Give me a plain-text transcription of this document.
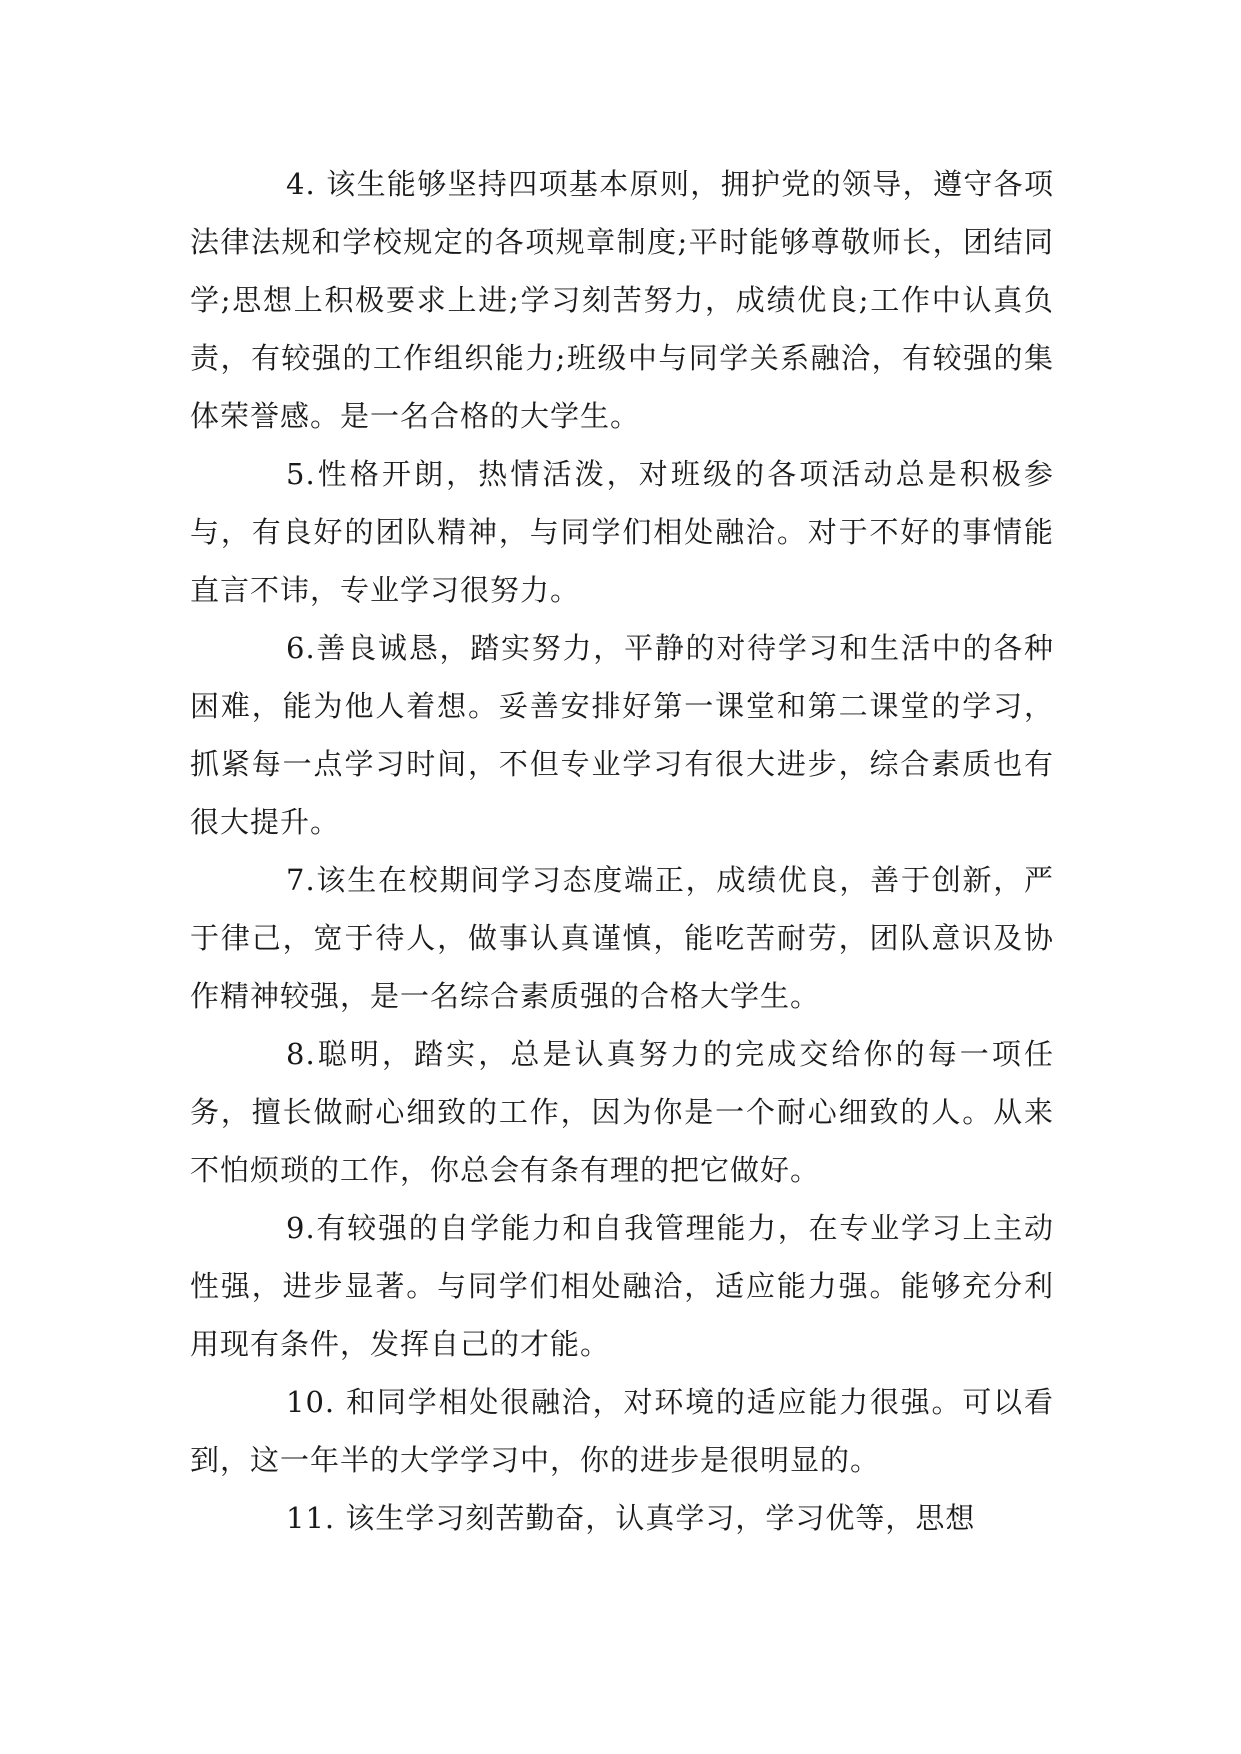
4. 该生能够坚持四项基本原则，拥护党的领导，遵守各项法律法规和学校规定的各项规章制度;平时能够尊敬师长，团结同学;思想上积极要求上进;学习刻苦努力，成绩优良;工作中认真负责，有较强的工作组织能力;班级中与同学关系融洽，有较强的集体荣誉感。是一名合格的大学生。

5.性格开朗，热情活泼，对班级的各项活动总是积极参与，有良好的团队精神，与同学们相处融洽。对于不好的事情能直言不讳，专业学习很努力。

6.善良诚恳，踏实努力，平静的对待学习和生活中的各种困难，能为他人着想。妥善安排好第一课堂和第二课堂的学习，抓紧每一点学习时间，不但专业学习有很大进步，综合素质也有很大提升。

7.该生在校期间学习态度端正，成绩优良，善于创新，严于律己，宽于待人，做事认真谨慎，能吃苦耐劳，团队意识及协作精神较强，是一名综合素质强的合格大学生。

8.聪明，踏实，总是认真努力的完成交给你的每一项任务，擅长做耐心细致的工作，因为你是一个耐心细致的人。从来不怕烦琐的工作，你总会有条有理的把它做好。

9.有较强的自学能力和自我管理能力，在专业学习上主动性强，进步显著。与同学们相处融洽，适应能力强。能够充分利用现有条件，发挥自己的才能。

10. 和同学相处很融洽，对环境的适应能力很强。可以看到，这一年半的大学学习中，你的进步是很明显的。

11. 该生学习刻苦勤奋，认真学习，学习优等，思想
